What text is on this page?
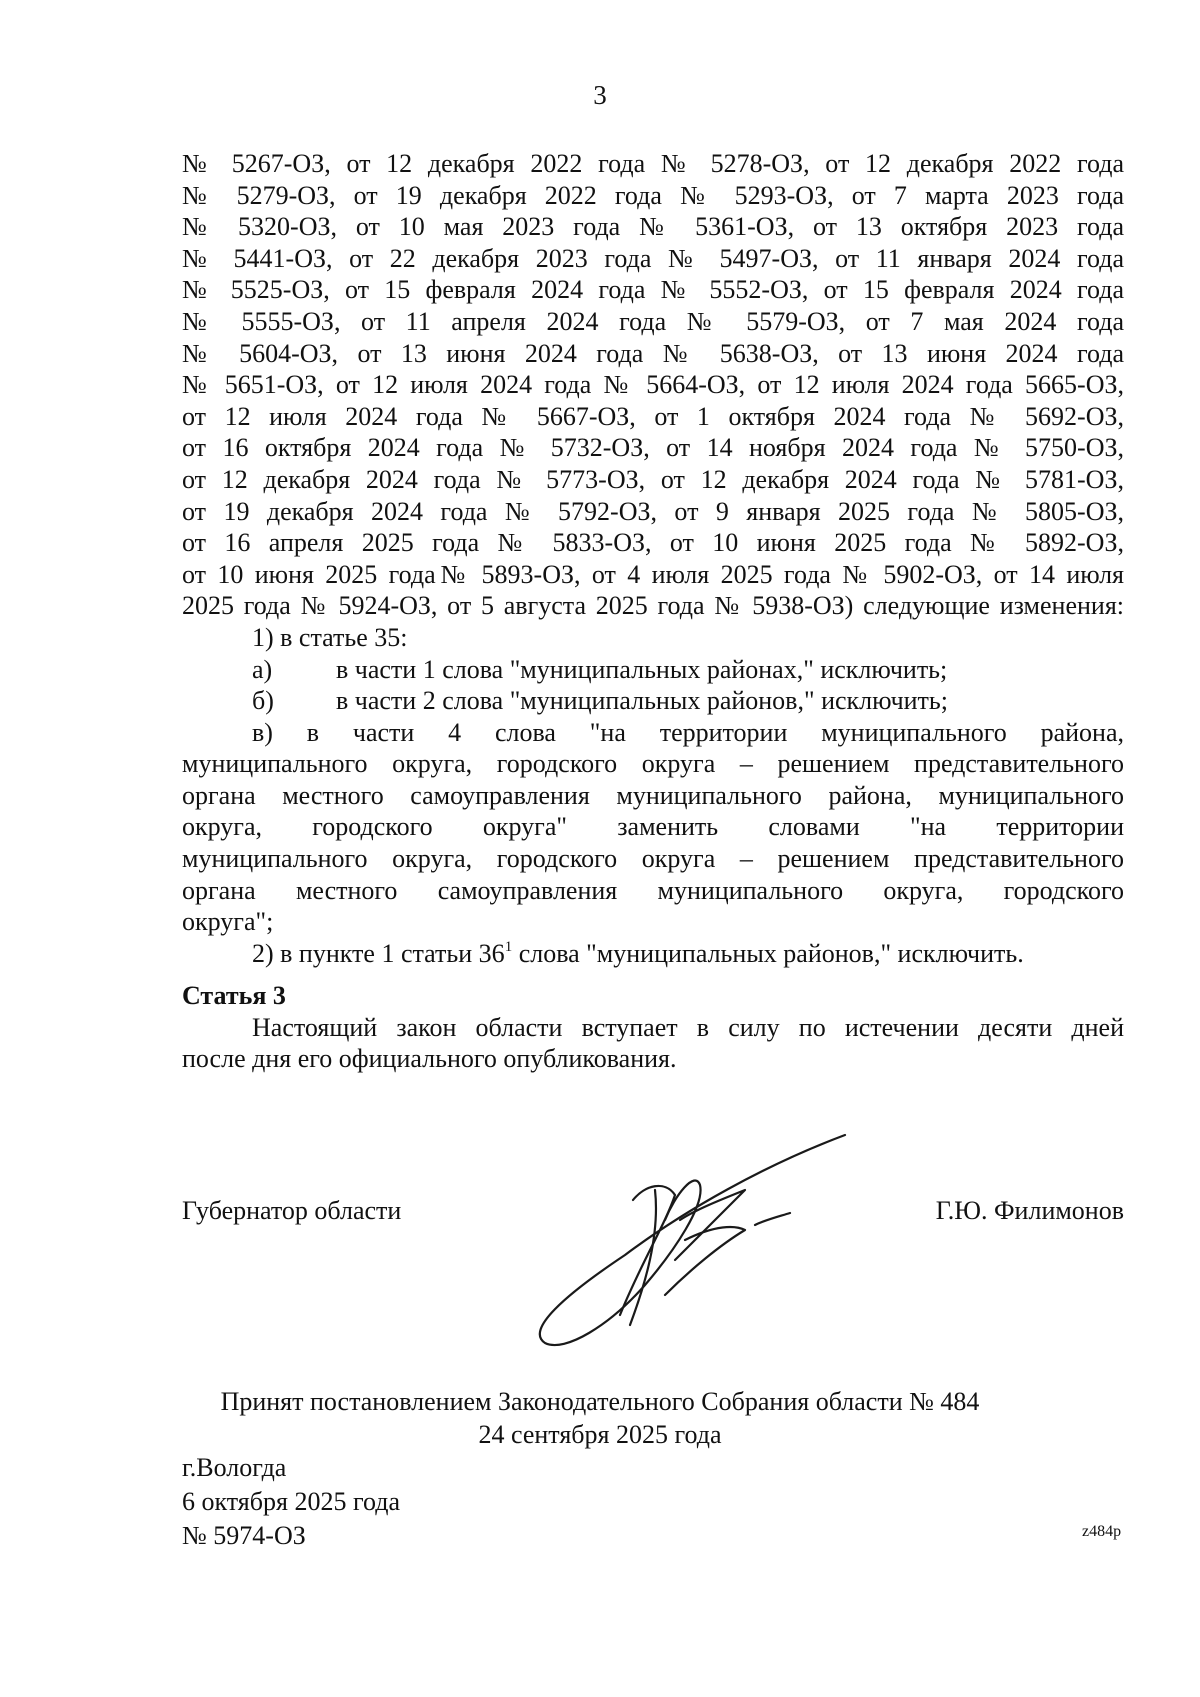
3

№ 5267-ОЗ, от 12 декабря 2022 года № 5278-ОЗ, от 12 декабря 2022 года

№ 5279-ОЗ, от 19 декабря 2022 года № 5293-ОЗ, от 7 марта 2023 года

№ 5320-ОЗ, от 10 мая 2023 года № 5361-ОЗ, от 13 октября 2023 года

№ 5441-ОЗ, от 22 декабря 2023 года № 5497-ОЗ, от 11 января 2024 года

№ 5525-ОЗ, от 15 февраля 2024 года № 5552-ОЗ, от 15 февраля 2024 года

№ 5555-ОЗ, от 11 апреля 2024 года № 5579-ОЗ, от 7 мая 2024 года

№ 5604-ОЗ, от 13 июня 2024 года № 5638-ОЗ, от 13 июня 2024 года

№ 5651-ОЗ, от 12 июля 2024 года № 5664-ОЗ, от 12 июля 2024 года 5665-ОЗ,

от 12 июля 2024 года № 5667-ОЗ, от 1 октября 2024 года № 5692-ОЗ,

от 16 октября 2024 года № 5732-ОЗ, от 14 ноября 2024 года № 5750-ОЗ,

от 12 декабря 2024 года № 5773-ОЗ, от 12 декабря 2024 года № 5781-ОЗ,

от 19 декабря 2024 года № 5792-ОЗ, от 9 января 2025 года № 5805-ОЗ,

от 16 апреля 2025 года № 5833-ОЗ, от 10 июня 2025 года № 5892-ОЗ,

от 10 июня 2025 года№ 5893-ОЗ, от 4 июля 2025 года № 5902-ОЗ, от 14 июля

2025 года № 5924-ОЗ, от 5 августа 2025 года № 5938-ОЗ) следующие изменения:

1) в статье 35:

а)	в части 1 слова "муниципальных районах," исключить;
б)	в части 2 слова "муниципальных районов," исключить;

в) в части 4 слова "на территории муниципального района,

муниципального округа, городского округа – решением представительного

органа местного самоуправления муниципального района, муниципального

округа, городского округа" заменить словами "на территории

муниципального округа, городского округа – решением представительного

органа местного самоуправления муниципального округа, городского

округа";

2) в пункте 1 статьи $36^1$ слова "муниципальных районов," исключить.

Статья 3

Настоящий закон области вступает в силу по истечении десяти дней

после дня его официального опубликования.

Губернатор области	Г.Ю. Филимонов
Принят постановлением Законодательного Собрания области № 484
24 сентября 2025 года
г.Вологда
6 октября 2025 года
№ 5974-ОЗ	z484р
